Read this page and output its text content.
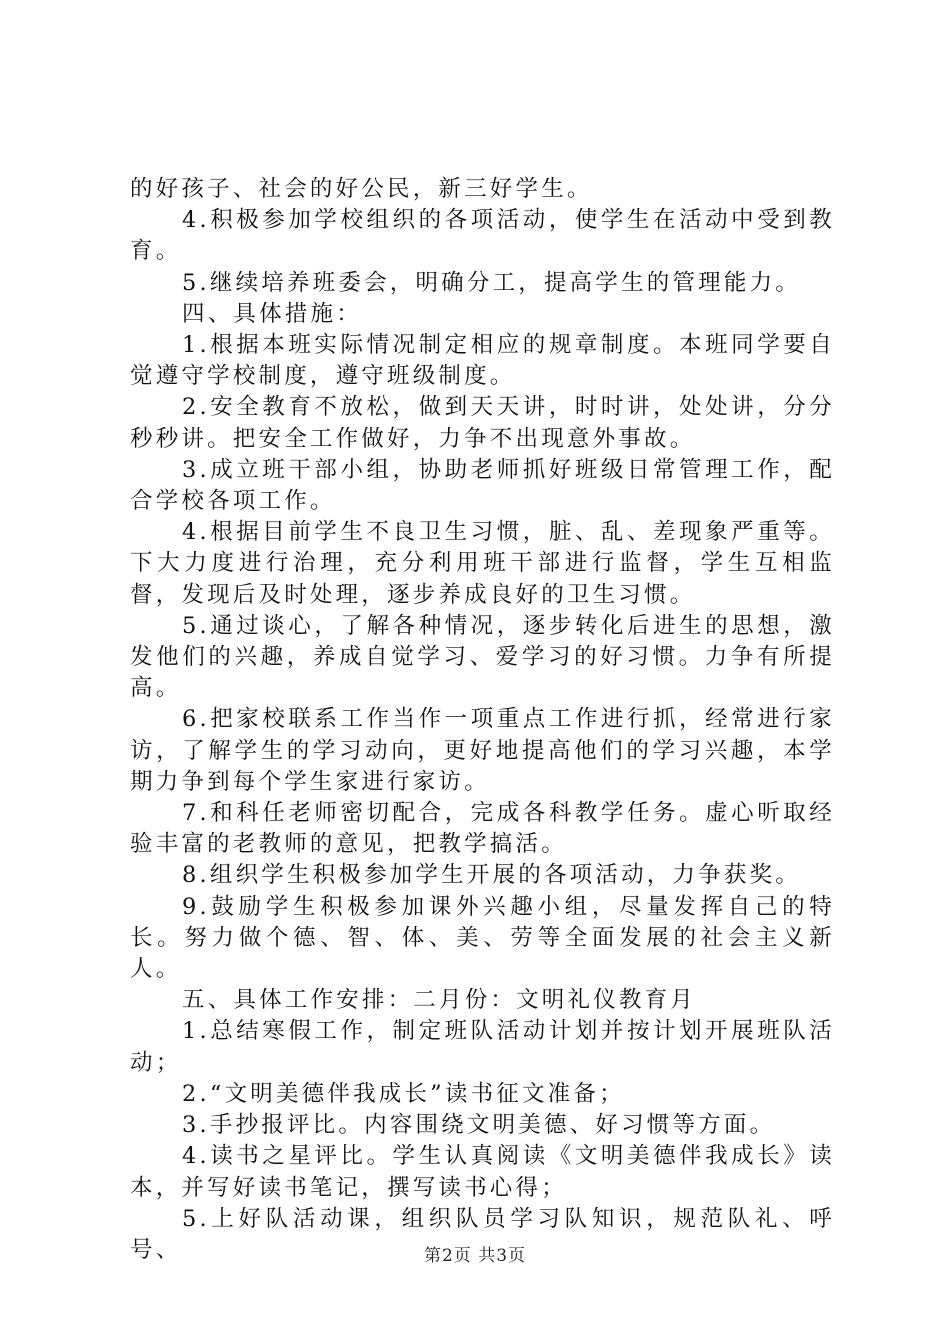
的好孩子、社会的好公民，新三好学生。

4.积极参加学校组织的各项活动，使学生在活动中受到教育。

5.继续培养班委会，明确分工，提高学生的管理能力。

四、具体措施：

1.根据本班实际情况制定相应的规章制度。本班同学要自觉遵守学校制度，遵守班级制度。

2.安全教育不放松，做到天天讲，时时讲，处处讲，分分秒秒讲。把安全工作做好，力争不出现意外事故。

3.成立班干部小组，协助老师抓好班级日常管理工作，配合学校各项工作。

4.根据目前学生不良卫生习惯，脏、乱、差现象严重等。下大力度进行治理，充分利用班干部进行监督，学生互相监督，发现后及时处理，逐步养成良好的卫生习惯。

5.通过谈心，了解各种情况，逐步转化后进生的思想，激发他们的兴趣，养成自觉学习、爱学习的好习惯。力争有所提高。

6.把家校联系工作当作一项重点工作进行抓，经常进行家访，了解学生的学习动向，更好地提高他们的学习兴趣，本学期力争到每个学生家进行家访。

7.和科任老师密切配合，完成各科教学任务。虚心听取经验丰富的老教师的意见，把教学搞活。

8.组织学生积极参加学生开展的各项活动，力争获奖。

9.鼓励学生积极参加课外兴趣小组，尽量发挥自己的特长。努力做个德、智、体、美、劳等全面发展的社会主义新人。

五、具体工作安排：二月份：文明礼仪教育月

1.总结寒假工作，制定班队活动计划并按计划开展班队活动；

2.“文明美德伴我成长”读书征文准备；

3.手抄报评比。内容围绕文明美德、好习惯等方面。

4.读书之星评比。学生认真阅读《文明美德伴我成长》读本，并写好读书笔记，撰写读书心得；

5.上好队活动课，组织队员学习队知识，规范队礼、呼号、	第2页 共3页
